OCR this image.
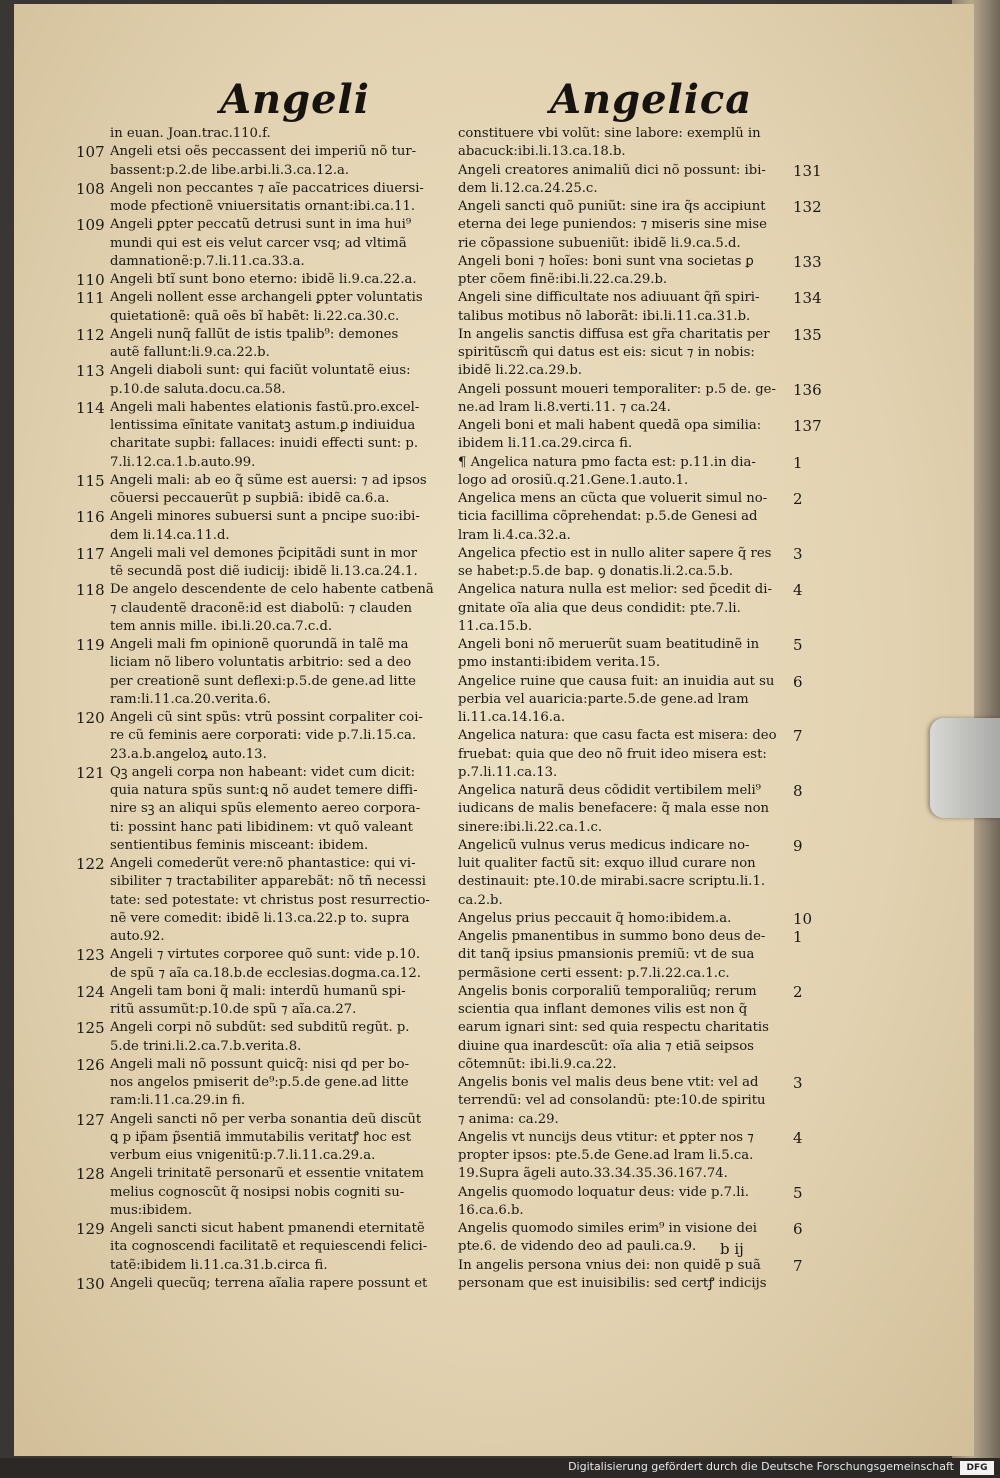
Angeli	Angelica
in euan. Joan.trac.110.f.
107 Angeli etsi oẽs peccassent dei imperiũ nõ tur-
bassent:p.2.de libe.arbi.li.3.ca.12.a.
108 Angeli non peccantes ⁊ aĩe paccatrices diuersi-
mode pfectionẽ vniuersitatis ornant:ibi.ca.11.
109 Angeli ꝑpter peccatũ detrusi sunt in ima hui⁹
mundi qui est eis velut carcer vsq; ad vltimã
damnationẽ:p.7.li.11.ca.33.a.
110 Angeli btĩ sunt bono eterno: ibidẽ li.9.ca.22.a.
111 Angeli nollent esse archangeli ꝑpter voluntatis
quietationẽ: quã oẽs bĩ habẽt: li.22.ca.30.c.
112 Angeli nunq̃ fallũt de istis tpalib⁹: demones
autẽ fallunt:li.9.ca.22.b.
113 Angeli diaboli sunt: qui faciũt voluntatẽ eius:
p.10.de saluta.docu.ca.58.
114 Angeli mali habentes elationis fastũ.pro.excel-
lentissima eĩnitate vanitatꝫ astum.ꝑ indiuidua
charitate supbi: fallaces: inuidi effecti sunt: p.
7.li.12.ca.1.b.auto.99.
115 Angeli mali: ab eo q̃ sũme est auersi: ⁊ ad ipsos
cõuersi peccauerũt p supbiã: ibidẽ ca.6.a.
116 Angeli minores subuersi sunt a pncipe suo:ibi-
dem li.14.ca.11.d.
117 Angeli mali vel demones p̃cipitãdi sunt in mor
tẽ secundã post diẽ iudicij: ibidẽ li.13.ca.24.1.
118 De angelo descendente de celo habente catbenã
⁊ claudentẽ draconẽ:id est diabolũ: ⁊ clauden
tem annis mille. ibi.li.20.ca.7.c.d.
119 Angeli mali fm opinionẽ quorundã in talẽ ma
liciam nõ libero voluntatis arbitrio: sed a deo
per creationẽ sunt deflexi:p.5.de gene.ad litte
ram:li.11.ca.20.verita.6.
120 Angeli cũ sint spũs: vtrũ possint corpaliter coi-
re cũ feminis aere corporati: vide p.7.li.15.ca.
23.a.b.angeloꝝ auto.13.
121 Qꝫ angeli corpa non habeant: videt cum dicit:
quia natura spũs sunt:ꝗ nõ audet temere diffi-
nire sꝫ an aliqui spũs elemento aereo corpora-
ti: possint hanc pati libidinem: vt quõ valeant
sentientibus feminis misceant: ibidem.
122 Angeli comederũt vere:nõ phantastice: qui vi-
sibiliter ⁊ tractabiliter apparebãt: nõ tñ necessi
tate: sed potestate: vt christus post resurrectio-
nẽ vere comedit: ibidẽ li.13.ca.22.p to. supra
auto.92.
123 Angeli ⁊ virtutes corporee quõ sunt: vide p.10.
de spũ ⁊ aĩa ca.18.b.de ecclesias.dogma.ca.12.
124 Angeli tam boni q̃ mali: interdũ humanũ spi-
ritũ assumũt:p.10.de spũ ⁊ aĩa.ca.27.
125 Angeli corpi nõ subdũt: sed subditũ regũt. p.
5.de trini.li.2.ca.7.b.verita.8.
126 Angeli mali nõ possunt quicq̃: nisi qd per bo-
nos angelos pmiserit de⁹:p.5.de gene.ad litte
ram:li.11.ca.29.in fi.
127 Angeli sancti nõ per verba sonantia deũ discũt
ꝗ p ip̃am p̃sentiã immutabilis veritatꝭ hoc est
verbum eius vnigenitũ:p.7.li.11.ca.29.a.
128 Angeli trinitatẽ personarũ et essentie vnitatem
melius cognoscũt q̃ nosipsi nobis cogniti su-
mus:ibidem.
129 Angeli sancti sicut habent pmanendi eternitatẽ
ita cognoscendi facilitatẽ et requiescendi felici-
tatẽ:ibidem li.11.ca.31.b.circa fi.
130 Angeli quecũq; terrena aĩalia rapere possunt et
constituere vbi volũt: sine labore: exemplũ in
abacuck:ibi.li.13.ca.18.b.
131
Angeli creatores animaliũ dici nõ possunt: ibi-
dem li.12.ca.24.25.c.
132
Angeli sancti quõ puniũt: sine ira q̃s accipiunt
eterna dei lege puniendos: ⁊ miseris sine mise
rie cõpassione subueniũt: ibidẽ li.9.ca.5.d.
133
Angeli boni ⁊ hoĩes: boni sunt vna societas ꝑ
pter cõem finẽ:ibi.li.22.ca.29.b.
134
Angeli sine difficultate nos adiuuant q̃ñ spiri-
talibus motibus nõ laborãt: ibi.li.11.ca.31.b.
135
In angelis sanctis diffusa est gr̃a charitatis per
spiritũscm̃ qui datus est eis: sicut ⁊ in nobis:
ibidẽ li.22.ca.29.b.
136
Angeli possunt moueri temporaliter: p.5 de. ge-
ne.ad lram li.8.verti.11. ⁊ ca.24.
137
Angeli boni et mali habent quedã opa similia:
ibidem li.11.ca.29.circa fi.
1
¶ Angelica natura pmo facta est: p.11.in dia-
logo ad orosiũ.q.21.Gene.1.auto.1.
2
Angelica mens an cũcta que voluerit simul no-
ticia facillima cõprehendat: p.5.de Genesi ad
lram li.4.ca.32.a.
3
Angelica pfectio est in nullo aliter sapere q̃ res
se habet:p.5.de bap. ꝯ donatis.li.2.ca.5.b.
4
Angelica natura nulla est melior: sed p̃cedit di-
gnitate oĩa alia que deus condidit: pte.7.li.
11.ca.15.b.
5
Angeli boni nõ meruerũt suam beatitudinẽ in
pmo instanti:ibidem verita.15.
6
Angelice ruine que causa fuit: an inuidia aut su
perbia vel auaricia:parte.5.de gene.ad lram
li.11.ca.14.16.a.
7
Angelica natura: que casu facta est misera: deo
fruebat: quia que deo nõ fruit ideo misera est:
p.7.li.11.ca.13.
8
Angelica naturã deus cõdidit vertibilem meli⁹
iudicans de malis benefacere: q̃ mala esse non
sinere:ibi.li.22.ca.1.c.
9
Angelicũ vulnus verus medicus indicare no-
luit qualiter factũ sit: exquo illud curare non
destinauit: pte.10.de mirabi.sacre scriptu.li.1.
ca.2.b.
10
Angelus prius peccauit q̃ homo:ibidem.a.
1
Angelis pmanentibus in summo bono deus de-
dit tanq̃ ipsius pmansionis premiũ: vt de sua
permãsione certi essent: p.7.li.22.ca.1.c.
2
Angelis bonis corporaliũ temporaliũq; rerum
scientia qua inflant demones vilis est non q̃
earum ignari sint: sed quia respectu charitatis
diuine qua inardescũt: oĩa alia ⁊ etiã seipsos
cõtemnũt: ibi.li.9.ca.22.
3
Angelis bonis vel malis deus bene vtit: vel ad
terrendũ: vel ad consolandũ: pte:10.de spiritu
⁊ anima: ca.29.
4
Angelis vt nuncijs deus vtitur: et ꝑpter nos ⁊
propter ipsos: pte.5.de Gene.ad lram li.5.ca.
19.Supra ãgeli auto.33.34.35.36.167.74.
5
Angelis quomodo loquatur deus: vide p.7.li.
16.ca.6.b.
6
Angelis quomodo similes erim⁹ in visione dei
pte.6. de videndo deo ad pauli.ca.9.
7
In angelis persona vnius dei: non quidẽ p suã
personam que est inuisibilis: sed certꝭ indicijs
b ij
Digitalisierung gefördert durch die Deutsche Forschungsgemeinschaft	DFG
